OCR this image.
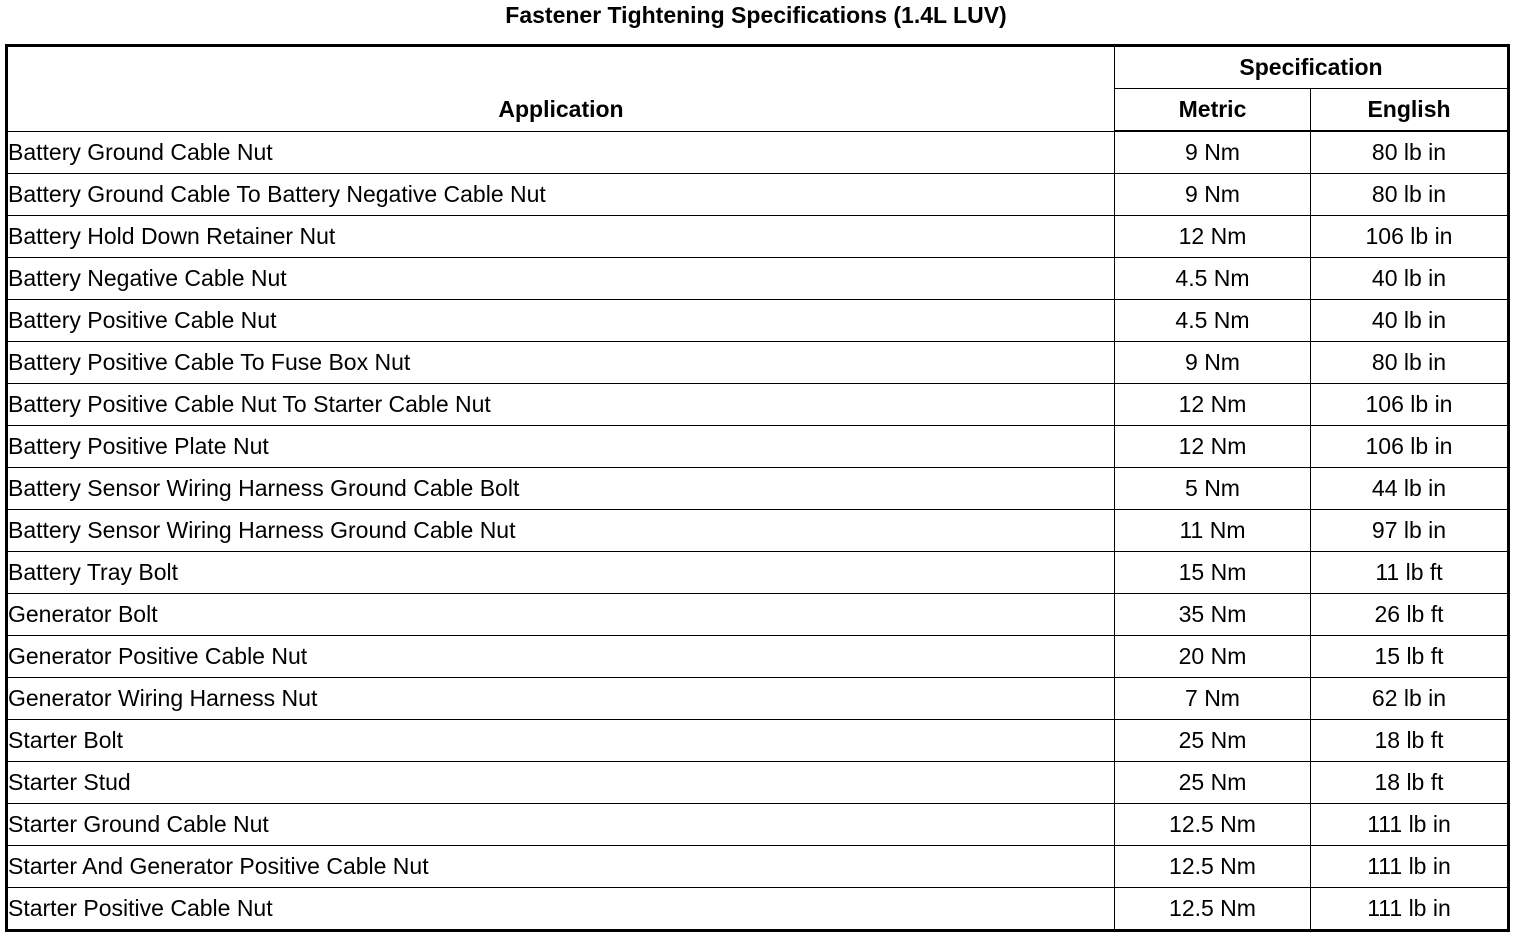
Fastener Tightening Specifications (1.4L LUV)
Application	Specification	
	Metric	English
Battery Ground Cable Nut	9 Nm	80 lb in
Battery Ground Cable To Battery Negative Cable Nut	9 Nm	80 lb in
Battery Hold Down Retainer Nut	12 Nm	106 lb in
Battery Negative Cable Nut	4.5 Nm	40 lb in
Battery Positive Cable Nut	4.5 Nm	40 lb in
Battery Positive Cable To Fuse Box Nut	9 Nm	80 lb in
Battery Positive Cable Nut To Starter Cable Nut	12 Nm	106 lb in
Battery Positive Plate Nut	12 Nm	106 lb in
Battery Sensor Wiring Harness Ground Cable Bolt	5 Nm	44 lb in
Battery Sensor Wiring Harness Ground Cable Nut	11 Nm	97 lb in
Battery Tray Bolt	15 Nm	11 lb ft
Generator Bolt	35 Nm	26 lb ft
Generator Positive Cable Nut	20 Nm	15 lb ft
Generator Wiring Harness Nut	7 Nm	62 lb in
Starter Bolt	25 Nm	18 lb ft
Starter Stud	25 Nm	18 lb ft
Starter Ground Cable Nut	12.5 Nm	111 lb in
Starter And Generator Positive Cable Nut	12.5 Nm	111 lb in
Starter Positive Cable Nut	12.5 Nm	111 lb in
